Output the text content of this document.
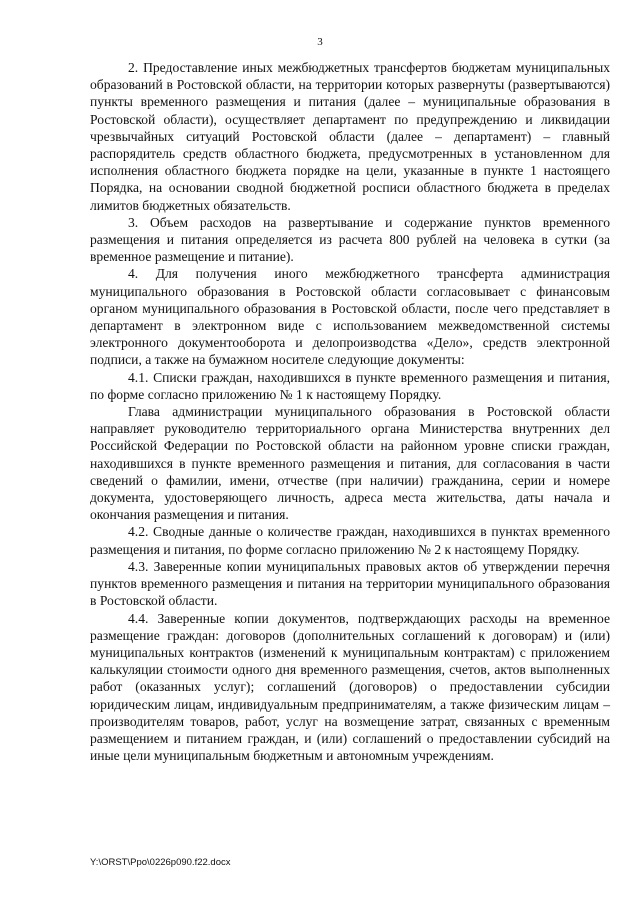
3

2. Предоставление иных межбюджетных трансфертов бюджетам муниципальных образований в Ростовской области, на территории которых развернуты (развертываются) пункты временного размещения и питания (далее – муниципальные образования в Ростовской области), осуществляет департамент по предупреждению и ликвидации чрезвычайных ситуаций Ростовской области (далее – департамент) – главный распорядитель средств областного бюджета, предусмотренных в установленном для исполнения областного бюджета порядке на цели, указанные в пункте 1 настоящего Порядка, на основании сводной бюджетной росписи областного бюджета в пределах лимитов бюджетных обязательств.

3. Объем расходов на развертывание и содержание пунктов временного размещения и питания определяется из расчета 800 рублей на человека в сутки (за временное размещение и питание).

4. Для получения иного межбюджетного трансферта администрация муниципального образования в Ростовской области согласовывает с финансовым органом муниципального образования в Ростовской области, после чего представляет в департамент в электронном виде с использованием межведомственной системы электронного документооборота и делопроизводства «Дело», средств электронной подписи, а также на бумажном носителе следующие документы:

4.1. Списки граждан, находившихся в пункте временного размещения и питания, по форме согласно приложению № 1 к настоящему Порядку.

Глава администрации муниципального образования в Ростовской области направляет руководителю территориального органа Министерства внутренних дел Российской Федерации по Ростовской области на районном уровне списки граждан, находившихся в пункте временного размещения и питания, для согласования в части сведений о фамилии, имени, отчестве (при наличии) гражданина, серии и номере документа, удостоверяющего личность, адреса места жительства, даты начала и окончания размещения и питания.

4.2. Сводные данные о количестве граждан, находившихся в пунктах временного размещения и питания, по форме согласно приложению № 2 к настоящему Порядку.

4.3. Заверенные копии муниципальных правовых актов об утверждении перечня пунктов временного размещения и питания на территории муниципального образования в Ростовской области.

4.4. Заверенные копии документов, подтверждающих расходы на временное размещение граждан: договоров (дополнительных соглашений к договорам) и (или) муниципальных контрактов (изменений к муниципальным контрактам) с приложением калькуляции стоимости одного дня временного размещения, счетов, актов выполненных работ (оказанных услуг); соглашений (договоров) о предоставлении субсидии юридическим лицам, индивидуальным предпринимателям, а также физическим лицам – производителям товаров, работ, услуг на возмещение затрат, связанных с временным размещением и питанием граждан, и (или) соглашений о предоставлении субсидий на иные цели муниципальным бюджетным и автономным учреждениям.

Y:\ORST\Ppo\0226p090.f22.docx
